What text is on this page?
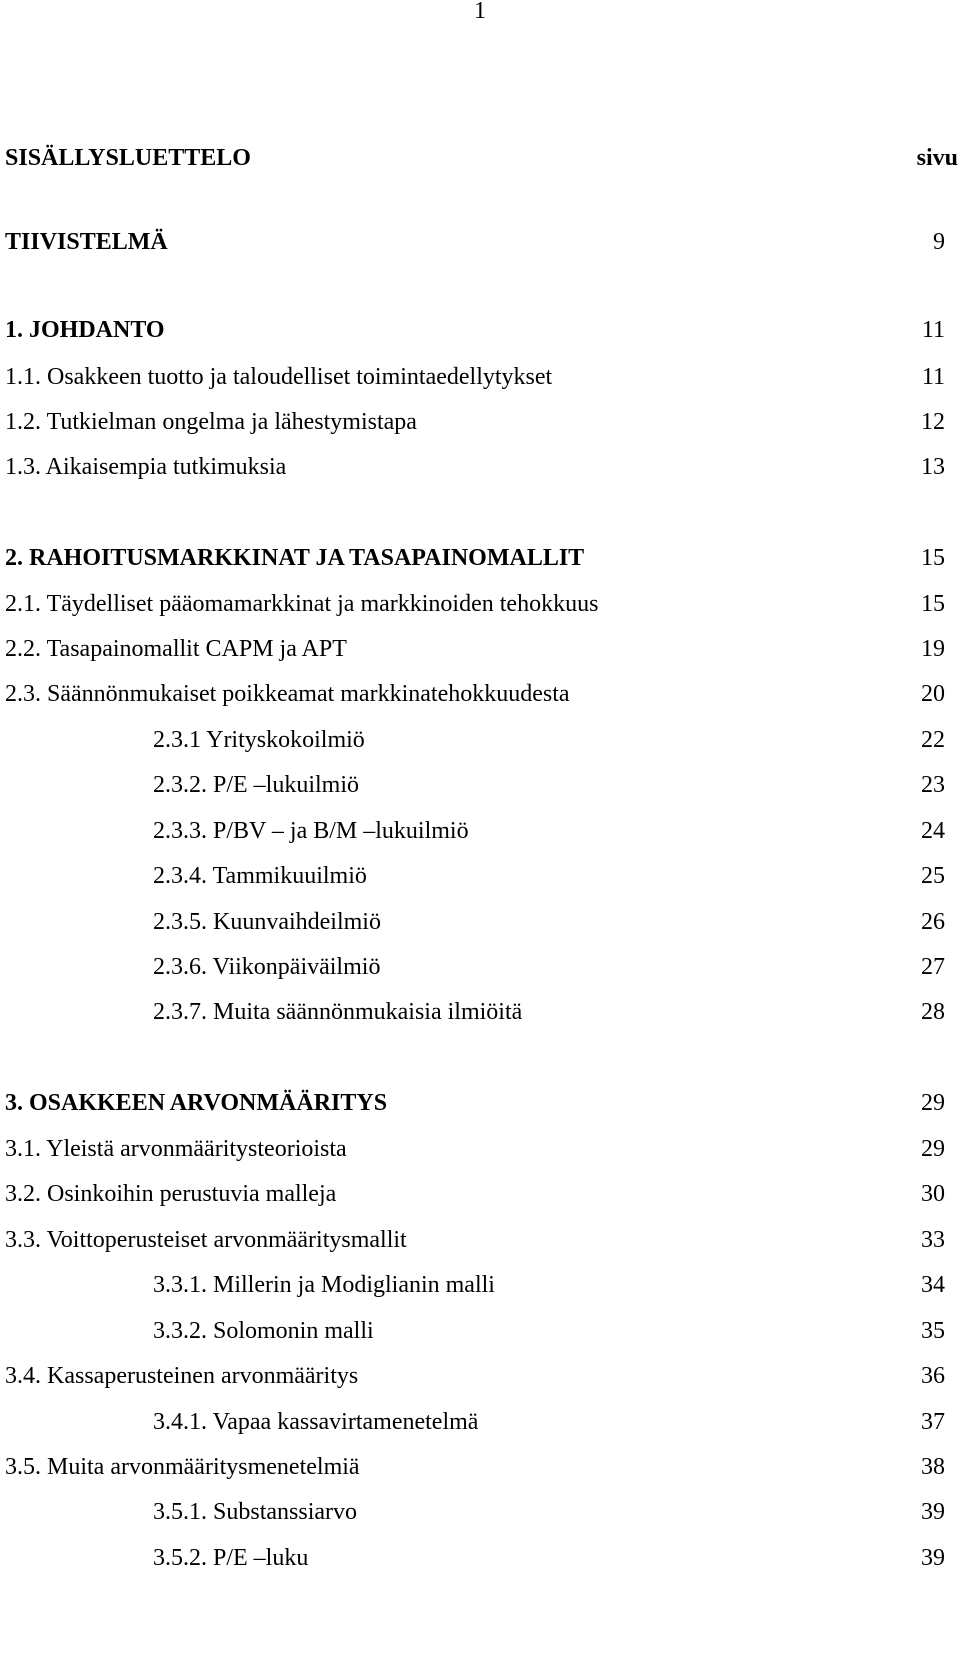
1
SISÄLLYSLUETTELO	sivu
TIIVISTELMÄ	9
1. JOHDANTO	11
1.1. Osakkeen tuotto ja taloudelliset toimintaedellytykset	11
1.2. Tutkielman ongelma ja lähestymistapa	12
1.3. Aikaisempia tutkimuksia	13
2. RAHOITUSMARKKINAT JA TASAPAINOMALLIT	15
2.1. Täydelliset pääomamarkkinat ja markkinoiden tehokkuus	15
2.2. Tasapainomallit CAPM ja APT	19
2.3. Säännönmukaiset poikkeamat markkinatehokkuudesta	20
2.3.1 Yrityskokoilmiö	22
2.3.2. P/E –lukuilmiö	23
2.3.3. P/BV – ja B/M –lukuilmiö	24
2.3.4. Tammikuuilmiö	25
2.3.5. Kuunvaihdeilmiö	26
2.3.6. Viikonpäiväilmiö	27
2.3.7. Muita säännönmukaisia ilmiöitä	28
3. OSAKKEEN ARVONMÄÄRITYS	29
3.1. Yleistä arvonmääritysteorioista	29
3.2. Osinkoihin perustuvia malleja	30
3.3. Voittoperusteiset arvonmääritysmallit	33
3.3.1. Millerin ja Modiglianin malli	34
3.3.2. Solomonin malli	35
3.4. Kassaperusteinen arvonmääritys	36
3.4.1. Vapaa kassavirtamenetelmä	37
3.5. Muita arvonmääritysmenetelmiä	38
3.5.1. Substanssiarvo	39
3.5.2. P/E –luku	39
